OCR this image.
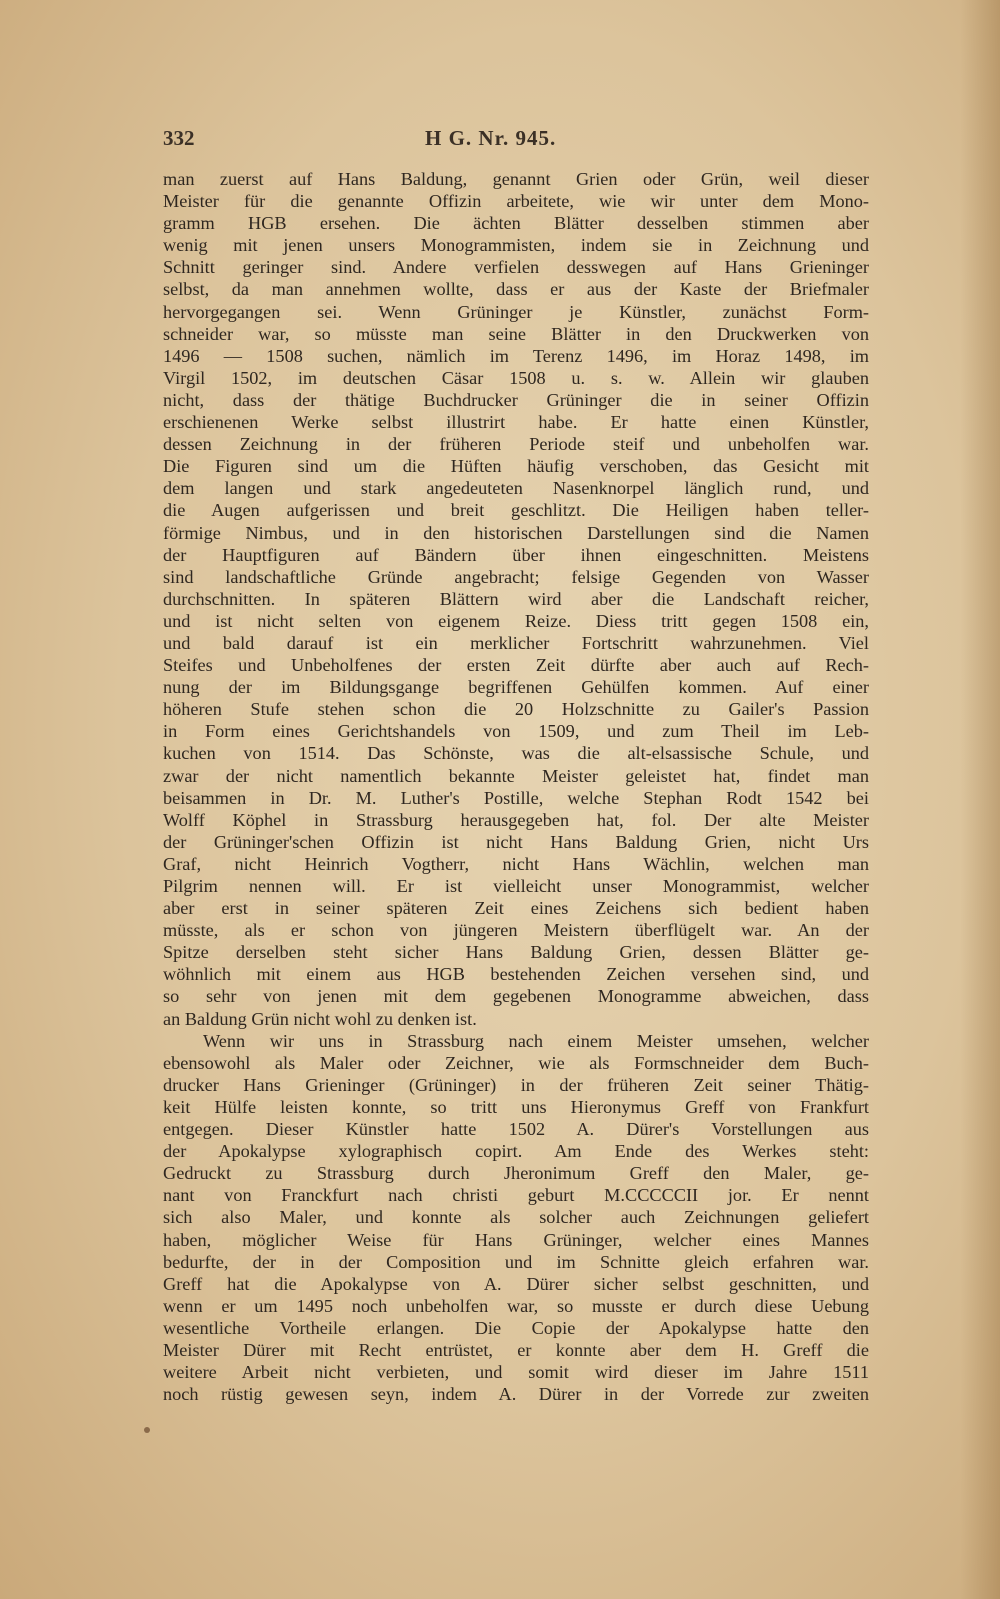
332	H G. Nr. 945.
man zuerst auf Hans Baldung, genannt Grien oder Grün, weil dieser
Meister für die genannte Offizin arbeitete, wie wir unter dem Mono-
gramm HGB ersehen. Die ächten Blätter desselben stimmen aber
wenig mit jenen unsers Monogrammisten, indem sie in Zeichnung und
Schnitt geringer sind. Andere verfielen desswegen auf Hans Grieninger
selbst, da man annehmen wollte, dass er aus der Kaste der Briefmaler
hervorgegangen sei. Wenn Grüninger je Künstler, zunächst Form-
schneider war, so müsste man seine Blätter in den Druckwerken von
1496 — 1508 suchen, nämlich im Terenz 1496, im Horaz 1498, im
Virgil 1502, im deutschen Cäsar 1508 u. s. w. Allein wir glauben
nicht, dass der thätige Buchdrucker Grüninger die in seiner Offizin
erschienenen Werke selbst illustrirt habe. Er hatte einen Künstler,
dessen Zeichnung in der früheren Periode steif und unbeholfen war.
Die Figuren sind um die Hüften häufig verschoben, das Gesicht mit
dem langen und stark angedeuteten Nasenknorpel länglich rund, und
die Augen aufgerissen und breit geschlitzt. Die Heiligen haben teller-
förmige Nimbus, und in den historischen Darstellungen sind die Namen
der Hauptfiguren auf Bändern über ihnen eingeschnitten. Meistens
sind landschaftliche Gründe angebracht; felsige Gegenden von Wasser
durchschnitten. In späteren Blättern wird aber die Landschaft reicher,
und ist nicht selten von eigenem Reize. Diess tritt gegen 1508 ein,
und bald darauf ist ein merklicher Fortschritt wahrzunehmen. Viel
Steifes und Unbeholfenes der ersten Zeit dürfte aber auch auf Rech-
nung der im Bildungsgange begriffenen Gehülfen kommen. Auf einer
höheren Stufe stehen schon die 20 Holzschnitte zu Gailer's Passion
in Form eines Gerichtshandels von 1509, und zum Theil im Leb-
kuchen von 1514. Das Schönste, was die alt-elsassische Schule, und
zwar der nicht namentlich bekannte Meister geleistet hat, findet man
beisammen in Dr. M. Luther's Postille, welche Stephan Rodt 1542 bei
Wolff Köphel in Strassburg herausgegeben hat, fol. Der alte Meister
der Grüninger'schen Offizin ist nicht Hans Baldung Grien, nicht Urs
Graf, nicht Heinrich Vogtherr, nicht Hans Wächlin, welchen man
Pilgrim nennen will. Er ist vielleicht unser Monogrammist, welcher
aber erst in seiner späteren Zeit eines Zeichens sich bedient haben
müsste, als er schon von jüngeren Meistern überflügelt war. An der
Spitze derselben steht sicher Hans Baldung Grien, dessen Blätter ge-
wöhnlich mit einem aus HGB bestehenden Zeichen versehen sind, und
so sehr von jenen mit dem gegebenen Monogramme abweichen, dass
an Baldung Grün nicht wohl zu denken ist.
Wenn wir uns in Strassburg nach einem Meister umsehen, welcher
ebensowohl als Maler oder Zeichner, wie als Formschneider dem Buch-
drucker Hans Grieninger (Grüninger) in der früheren Zeit seiner Thätig-
keit Hülfe leisten konnte, so tritt uns Hieronymus Greff von Frankfurt
entgegen. Dieser Künstler hatte 1502 A. Dürer's Vorstellungen aus
der Apokalypse xylographisch copirt. Am Ende des Werkes steht:
Gedruckt zu Strassburg durch Jheronimum Greff den Maler, ge-
nant von Franckfurt nach christi geburt M.CCCCCII jor. Er nennt
sich also Maler, und konnte als solcher auch Zeichnungen geliefert
haben, möglicher Weise für Hans Grüninger, welcher eines Mannes
bedurfte, der in der Composition und im Schnitte gleich erfahren war.
Greff hat die Apokalypse von A. Dürer sicher selbst geschnitten, und
wenn er um 1495 noch unbeholfen war, so musste er durch diese Uebung
wesentliche Vortheile erlangen. Die Copie der Apokalypse hatte den
Meister Dürer mit Recht entrüstet, er konnte aber dem H. Greff die
weitere Arbeit nicht verbieten, und somit wird dieser im Jahre 1511
noch rüstig gewesen seyn, indem A. Dürer in der Vorrede zur zweiten
